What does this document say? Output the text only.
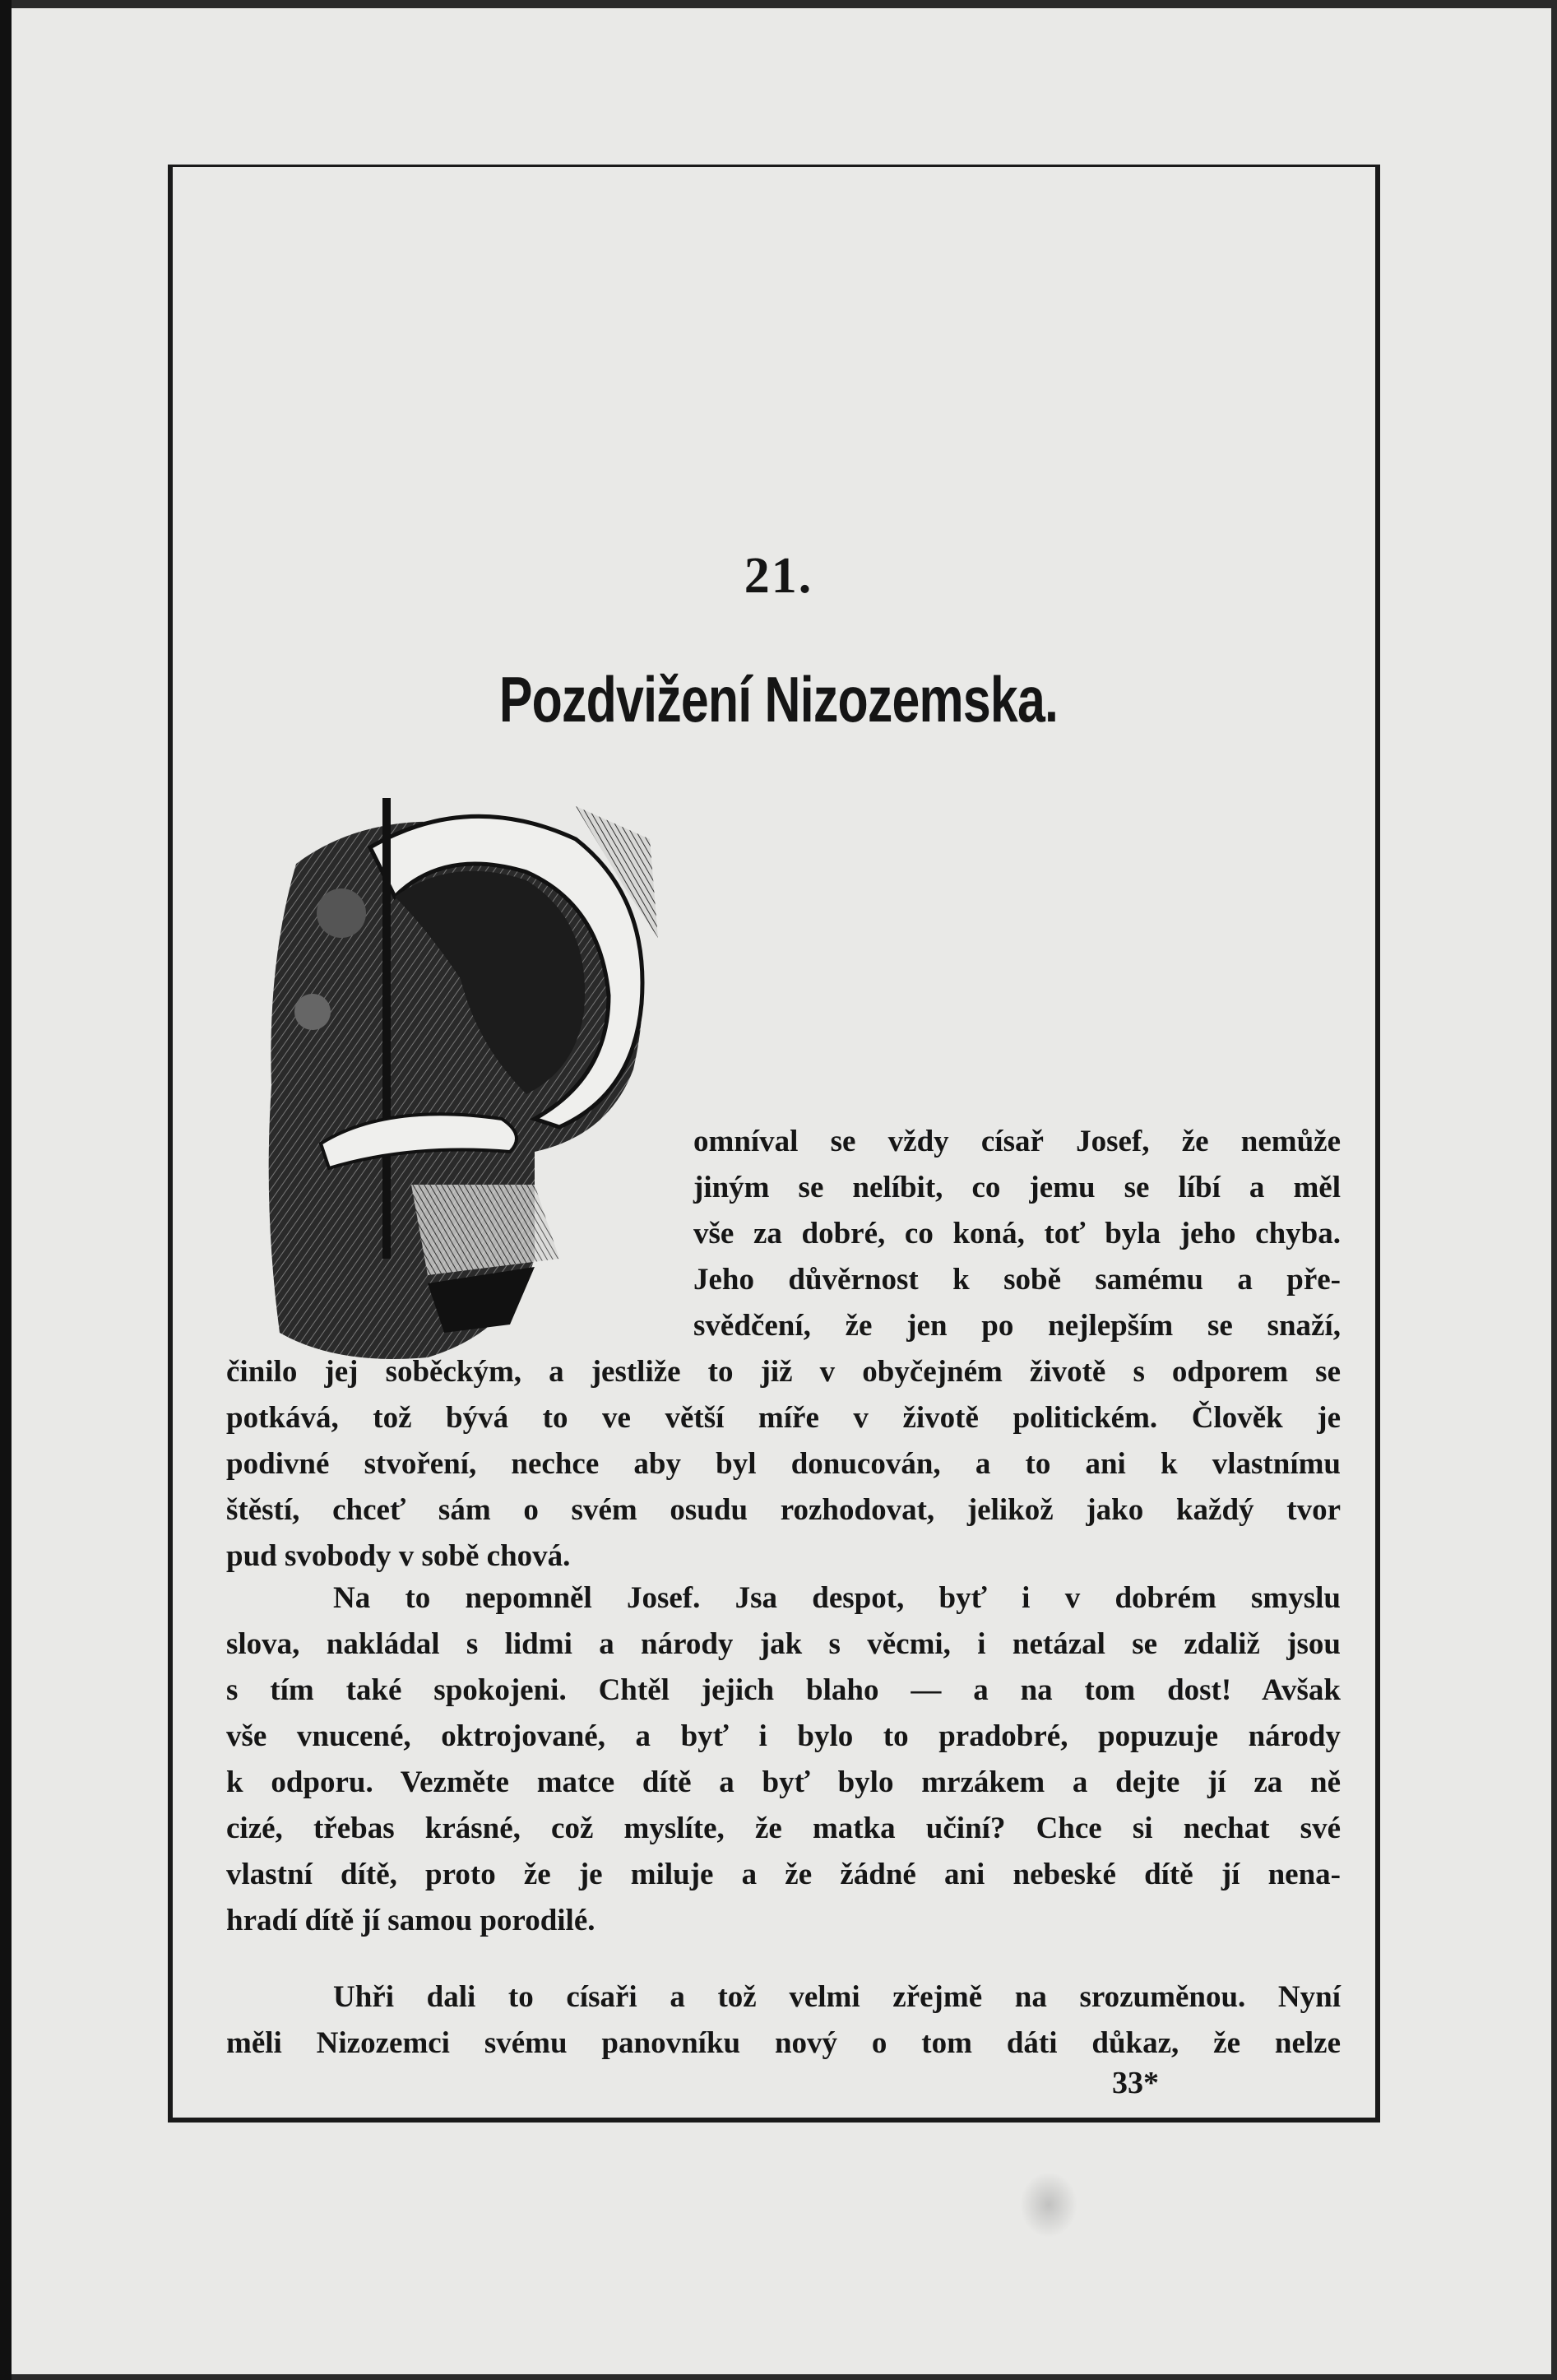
21.
Pozdvižení Nizozemska.
omníval se vždy císař Josef, že nemůže
jiným se nelíbit, co jemu se líbí a měl
vše za dobré, co koná, toť byla jeho chyba.
Jeho důvěrnost k sobě samému a pře-
svědčení, že jen po nejlepším se snaží,
činilo jej soběckým, a jestliže to již v obyčejném životě s odporem se
potkává, tož bývá to ve větší míře v životě politickém. Člověk je
podivné stvoření, nechce aby byl donucován, a to ani k vlastnímu
štěstí, chceť sám o svém osudu rozhodovat, jelikož jako každý tvor
pud svobody v sobě chová.
Na to nepomněl Josef. Jsa despot, byť i v dobrém smyslu
slova, nakládal s lidmi a národy jak s věcmi, i netázal se zdaliž jsou
s tím také spokojeni. Chtěl jejich blaho — a na tom dost! Avšak
vše vnucené, oktrojované, a byť i bylo to pradobré, popuzuje národy
k odporu. Vezměte matce dítě a byť bylo mrzákem a dejte jí za ně
cizé, třebas krásné, což myslíte, že matka učiní? Chce si nechat své
vlastní dítě, proto že je miluje a že žádné ani nebeské dítě jí nena-
hradí dítě jí samou porodilé.
Uhři dali to císaři a tož velmi zřejmě na srozuměnou. Nyní
měli Nizozemci svému panovníku nový o tom dáti důkaz, že nelze
33*
